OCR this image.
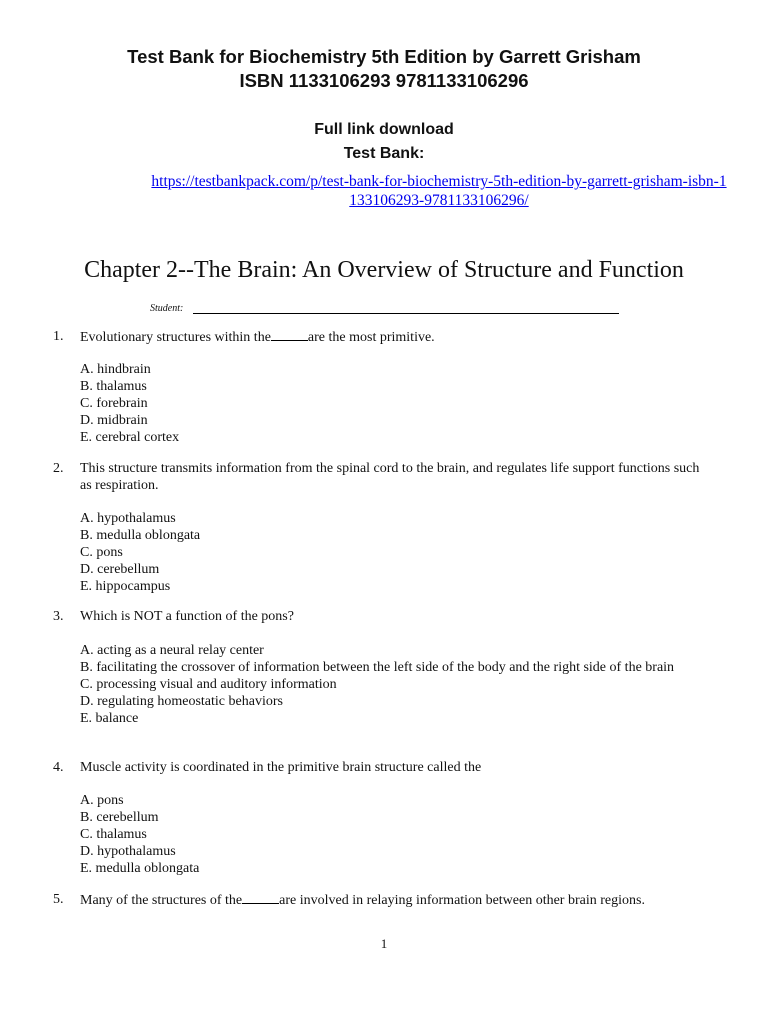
Test Bank for Biochemistry 5th Edition by Garrett Grisham
ISBN 1133106293 9781133106296
Full link download
Test Bank:
https://testbankpack.com/p/test-bank-for-biochemistry-5th-edition-by-garrett-grisham-isbn-1133106293-9781133106296/
Chapter 2--The Brain: An Overview of Structure and Function
Student:
1. Evolutionary structures within the	are the most primitive.
A. hindbrain
B. thalamus
C. forebrain
D. midbrain
E. cerebral cortex
2. This structure transmits information from the spinal cord to the brain, and regulates life support functions such as respiration.
A. hypothalamus
B. medulla oblongata
C. pons
D. cerebellum
E. hippocampus
3. Which is NOT a function of the pons?
A. acting as a neural relay center
B. facilitating the crossover of information between the left side of the body and the right side of the brain
C. processing visual and auditory information
D. regulating homeostatic behaviors
E. balance
4. Muscle activity is coordinated in the primitive brain structure called the
A. pons
B. cerebellum
C. thalamus
D. hypothalamus
E. medulla oblongata
5. Many of the structures of the	are involved in relaying information between other brain regions.
1
